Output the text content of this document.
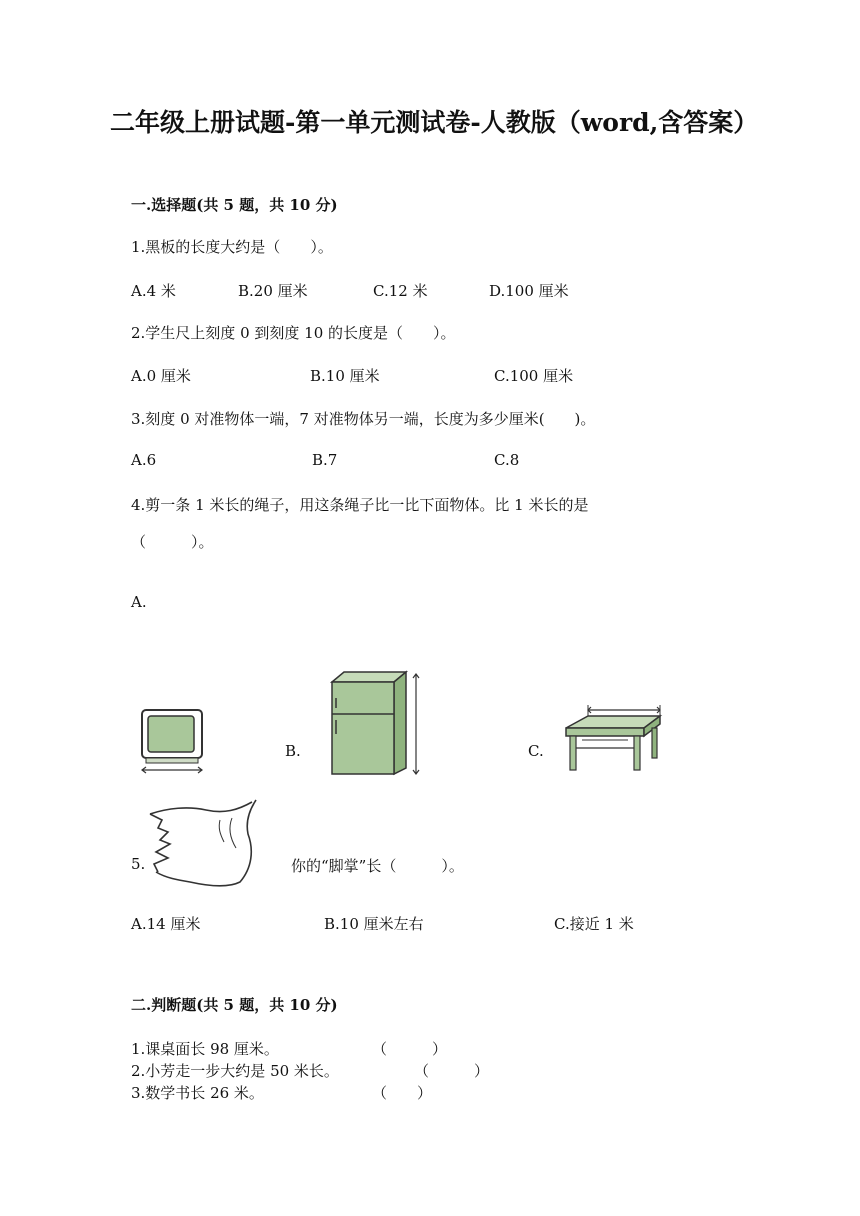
二年级上册试题-第一单元测试卷-人教版（word,含答案）
一.选择题(共 5 题，共 10 分)
1.黑板的长度大约是（　　）。
A.4 米	B.20 厘米	C.12 米	D.100 厘米
2.学生尺上刻度 0 到刻度 10 的长度是（　　）。
A.0 厘米	B.10 厘米	C.100 厘米
3.刻度 0 对准物体一端，7 对准物体另一端，长度为多少厘米(　　)。
A.6	B.7	C.8
4.剪一条 1 米长的绳子，用这条绳子比一比下面物体。比 1 米长的是
（　　　）。
A.
B.	C.
5.	你的“脚掌”长（　　　）。
A.14 厘米	B.10 厘米左右	C.接近 1 米
二.判断题(共 5 题，共 10 分)
1.课桌面长 98 厘米。	（　　　）
2.小芳走一步大约是 50 米长。	（　　　）
3.数学书长 26 米。	（　　）
